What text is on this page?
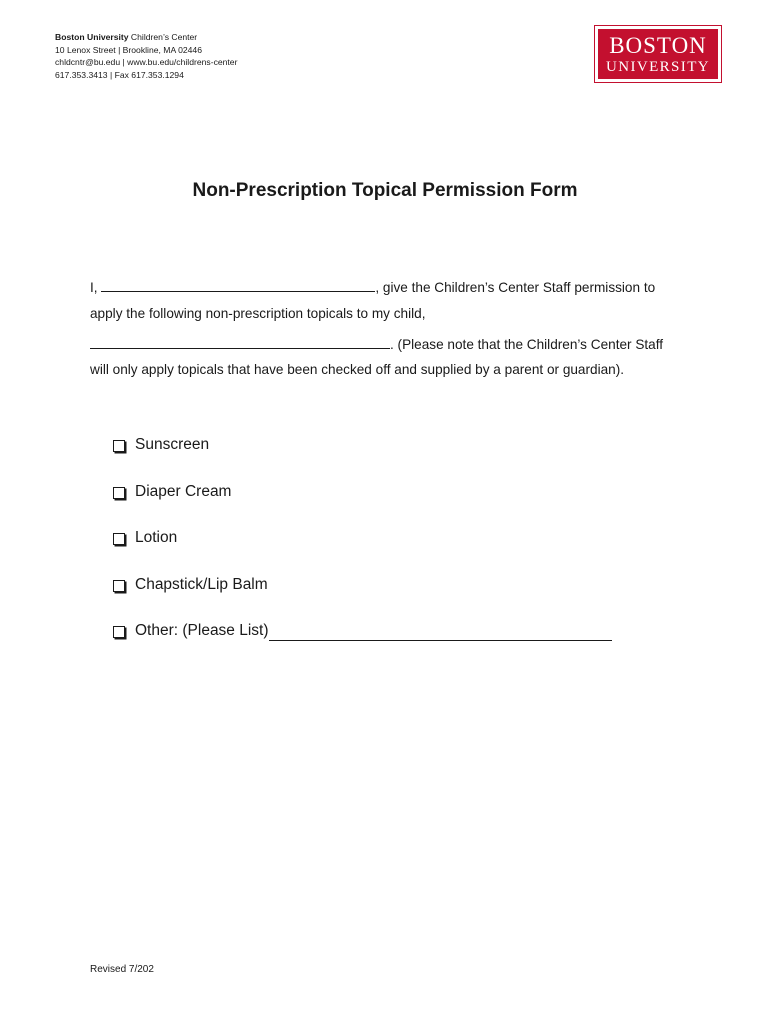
Boston University Children’s Center
10 Lenox Street | Brookline, MA 02446
chldcntr@bu.edu | www.bu.edu/childrens-center
617.353.3413 | Fax 617.353.1294
BOSTON
UNIVERSITY
Non-Prescription Topical Permission Form
I,	, give the Children’s Center Staff permission to
apply the following non-prescription topicals to my child,
. (Please note that the Children’s Center Staff
will only apply topicals that have been checked off and supplied by a parent or guardian).
Sunscreen
Diaper Cream
Lotion
Chapstick/Lip Balm
Other: (Please List)
Revised 7/202
